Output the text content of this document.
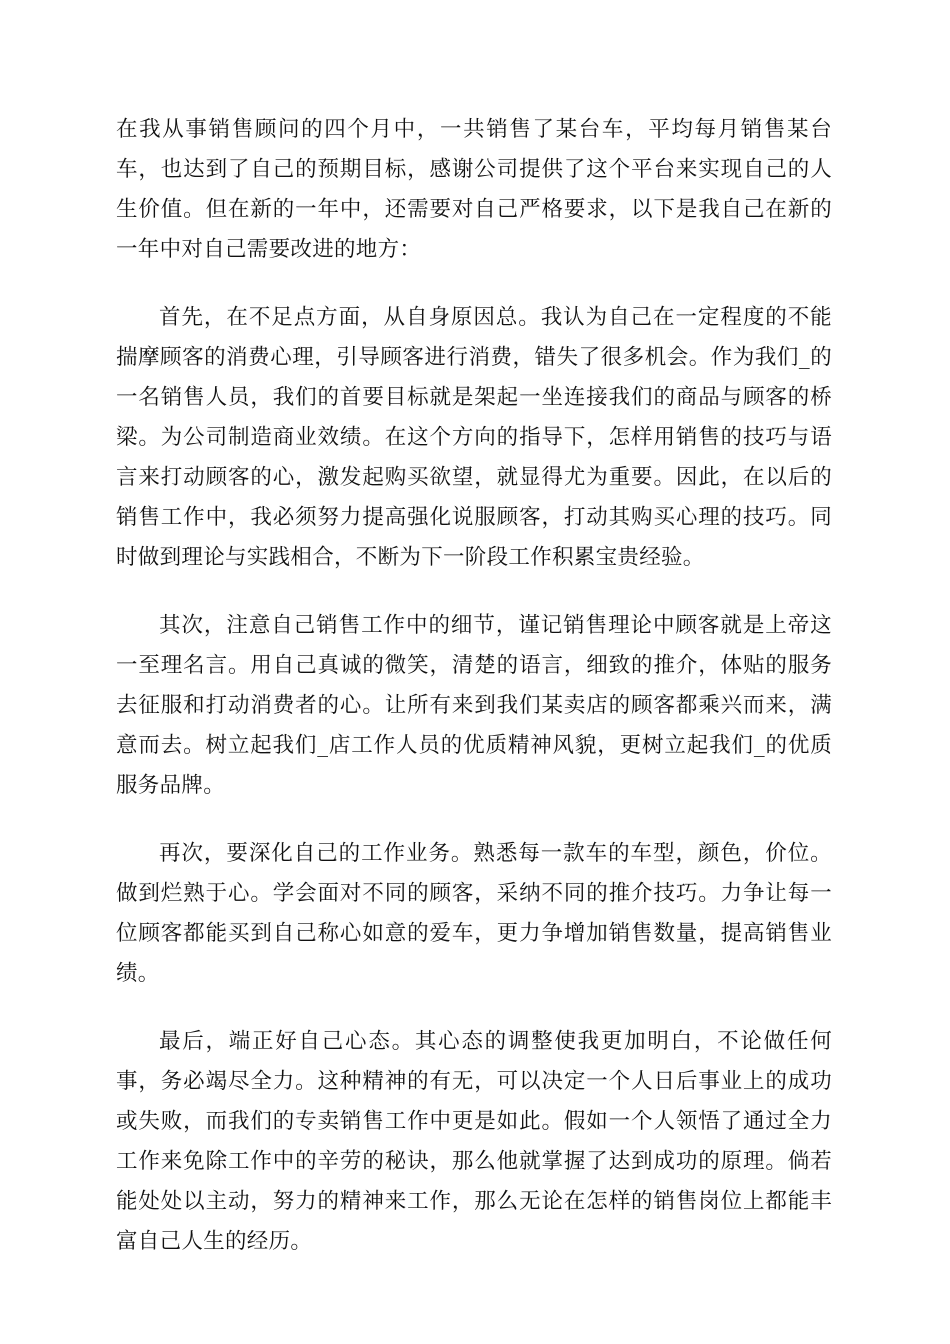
在我从事销售顾问的四个月中，一共销售了某台车，平均每月销售某台车，也达到了自己的预期目标，感谢公司提供了这个平台来实现自己的人生价值。但在新的一年中，还需要对自己严格要求，以下是我自己在新的一年中对自己需要改进的地方：

首先，在不足点方面，从自身原因总。我认为自己在一定程度的不能揣摩顾客的消费心理，引导顾客进行消费，错失了很多机会。作为我们_的一名销售人员，我们的首要目标就是架起一坐连接我们的商品与顾客的桥梁。为公司制造商业效绩。在这个方向的指导下，怎样用销售的技巧与语言来打动顾客的心，激发起购买欲望，就显得尤为重要。因此，在以后的销售工作中，我必须努力提高强化说服顾客，打动其购买心理的技巧。同时做到理论与实践相合，不断为下一阶段工作积累宝贵经验。

其次，注意自己销售工作中的细节，谨记销售理论中顾客就是上帝这一至理名言。用自己真诚的微笑，清楚的语言，细致的推介，体贴的服务去征服和打动消费者的心。让所有来到我们某卖店的顾客都乘兴而来，满意而去。树立起我们_店工作人员的优质精神风貌，更树立起我们_的优质服务品牌。

再次，要深化自己的工作业务。熟悉每一款车的车型，颜色，价位。做到烂熟于心。学会面对不同的顾客，采纳不同的推介技巧。力争让每一位顾客都能买到自己称心如意的爱车，更力争增加销售数量，提高销售业绩。

最后，端正好自己心态。其心态的调整使我更加明白，不论做任何事，务必竭尽全力。这种精神的有无，可以决定一个人日后事业上的成功或失败，而我们的专卖销售工作中更是如此。假如一个人领悟了通过全力工作来免除工作中的辛劳的秘诀，那么他就掌握了达到成功的原理。倘若能处处以主动，努力的精神来工作，那么无论在怎样的销售岗位上都能丰富自己人生的经历。
